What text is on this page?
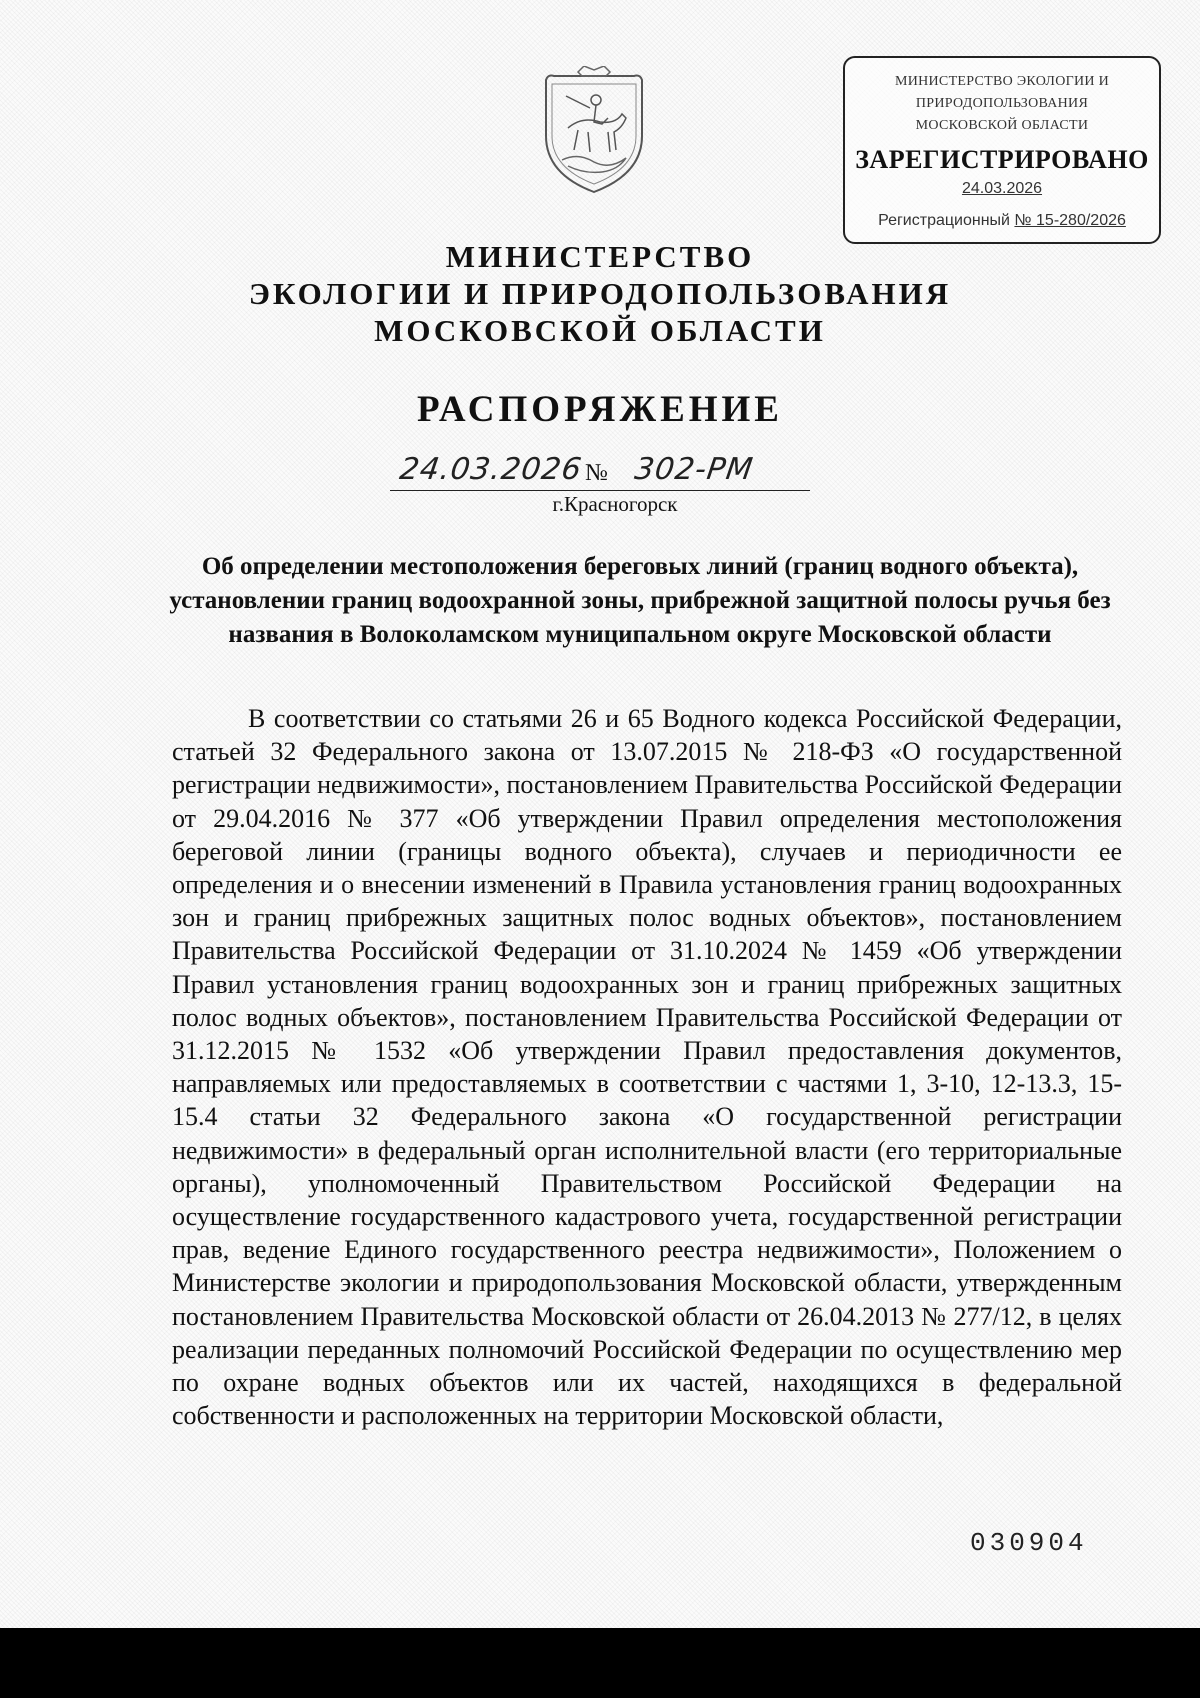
МИНИСТЕРСТВО ЭКОЛОГИИ И
ПРИРОДОПОЛЬЗОВАНИЯ
МОСКОВСКОЙ ОБЛАСТИ
ЗАРЕГИСТРИРОВАНО
24.03.2026
Регистрационный № 15-280/2026
МИНИСТЕРСТВО
ЭКОЛОГИИ И ПРИРОДОПОЛЬЗОВАНИЯ
МОСКОВСКОЙ ОБЛАСТИ
РАСПОРЯЖЕНИЕ
24.03.2026 № 302-РМ
г.Красногорск
Об определении местоположения береговых линий (границ водного объекта), установлении границ водоохранной зоны, прибрежной защитной полосы ручья без названия в Волоколамском муниципальном округе Московской области
В соответствии со статьями 26 и 65 Водного кодекса Российской Федерации, статьей 32 Федерального закона от 13.07.2015 № 218-ФЗ «О государственной регистрации недвижимости», постановлением Правительства Российской Федерации от 29.04.2016 № 377 «Об утверждении Правил определения местоположения береговой линии (границы водного объекта), случаев и периодичности ее определения и о внесении изменений в Правила установления границ водоохранных зон и границ прибрежных защитных полос водных объектов», постановлением Правительства Российской Федерации от 31.10.2024 № 1459 «Об утверждении Правил установления границ водоохранных зон и границ прибрежных защитных полос водных объектов», постановлением Правительства Российской Федерации от 31.12.2015 № 1532 «Об утверждении Правил предоставления документов, направляемых или предоставляемых в соответствии с частями 1, 3-10, 12-13.3, 15-15.4 статьи 32 Федерального закона «О государственной регистрации недвижимости» в федеральный орган исполнительной власти (его территориальные органы), уполномоченный Правительством Российской Федерации на осуществление государственного кадастрового учета, государственной регистрации прав, ведение Единого государственного реестра недвижимости», Положением о Министерстве экологии и природопользования Московской области, утвержденным постановлением Правительства Московской области от 26.04.2013 № 277/12, в целях реализации переданных полномочий Российской Федерации по осуществлению мер по охране водных объектов или их частей, находящихся в федеральной собственности и расположенных на территории Московской области,
030904
